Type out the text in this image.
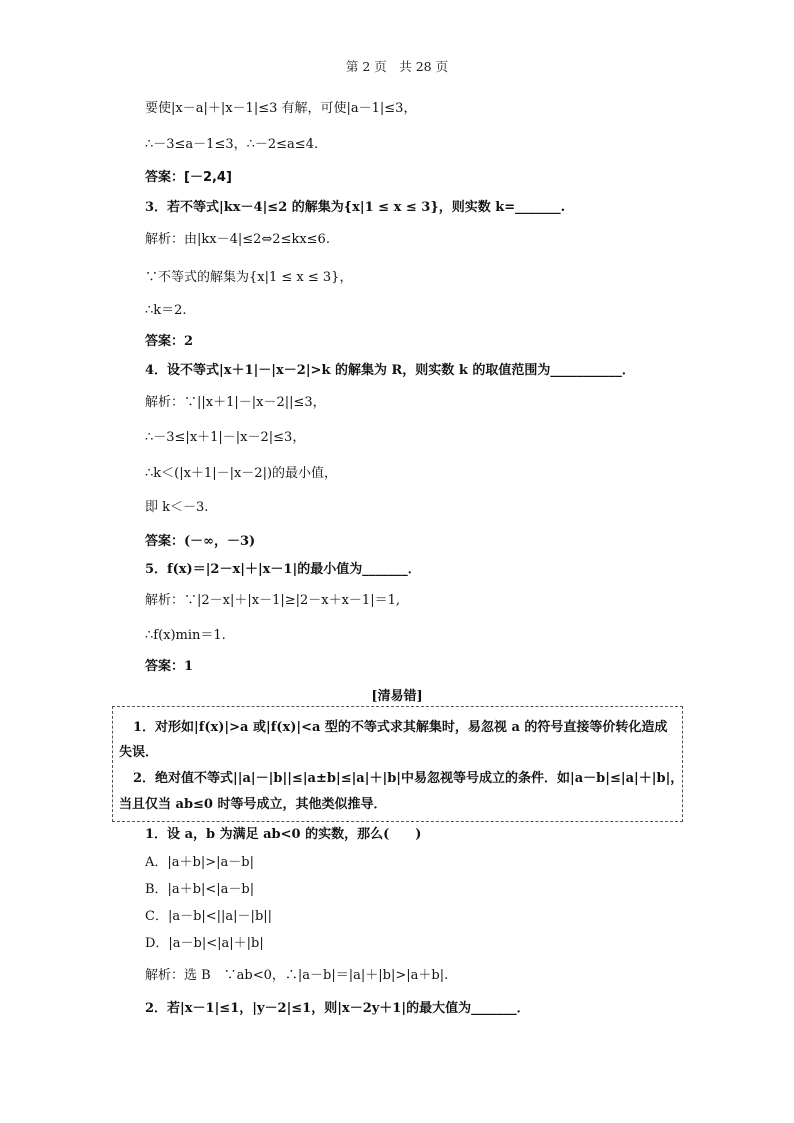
第 2 页　共 28 页
要使|x－a|＋|x－1|≤3 有解，可使|a－1|≤3，
∴－3≤a－1≤3，∴－2≤a≤4.
答案：[－2,4]
3．若不等式|kx－4|≤2 的解集为{x|1 ≤ x ≤ 3}，则实数 k=_______.
解析：由|kx－4|≤2⇔2≤kx≤6.
∵不等式的解集为{x|1 ≤ x ≤ 3}，
∴k＝2.
答案：2
4．设不等式|x＋1|－|x－2|>k 的解集为 R，则实数 k 的取值范围为___________．
解析：∵||x＋1|－|x－2||≤3，
∴－3≤|x＋1|－|x－2|≤3，
∴k＜(|x＋1|－|x－2|)的最小值，
即 k＜－3.
答案：(－∞，－3)
5．f(x)＝|2－x|＋|x－1|的最小值为_______．
解析：∵|2－x|＋|x－1|≥|2－x＋x－1|＝1,
∴f(x)min＝1.
答案：1
[清易错]
1．对形如|f(x)|>a 或|f(x)|<a 型的不等式求其解集时，易忽视 a 的符号直接等价转化造成
失误．
2．绝对值不等式||a|－|b||≤|a±b|≤|a|＋|b|中易忽视等号成立的条件．如|a－b|≤|a|＋|b|，
当且仅当 ab≤0 时等号成立，其他类似推导．
1．设 a，b 为满足 ab<0 的实数，那么(　　)
A．|a＋b|>|a－b|
B．|a＋b|<|a－b|
C．|a－b|<||a|－|b||
D．|a－b|<|a|＋|b|
解析：选 B　∵ab<0，∴|a－b|＝|a|＋|b|>|a＋b|.
2．若|x－1|≤1，|y－2|≤1，则|x－2y＋1|的最大值为_______．
